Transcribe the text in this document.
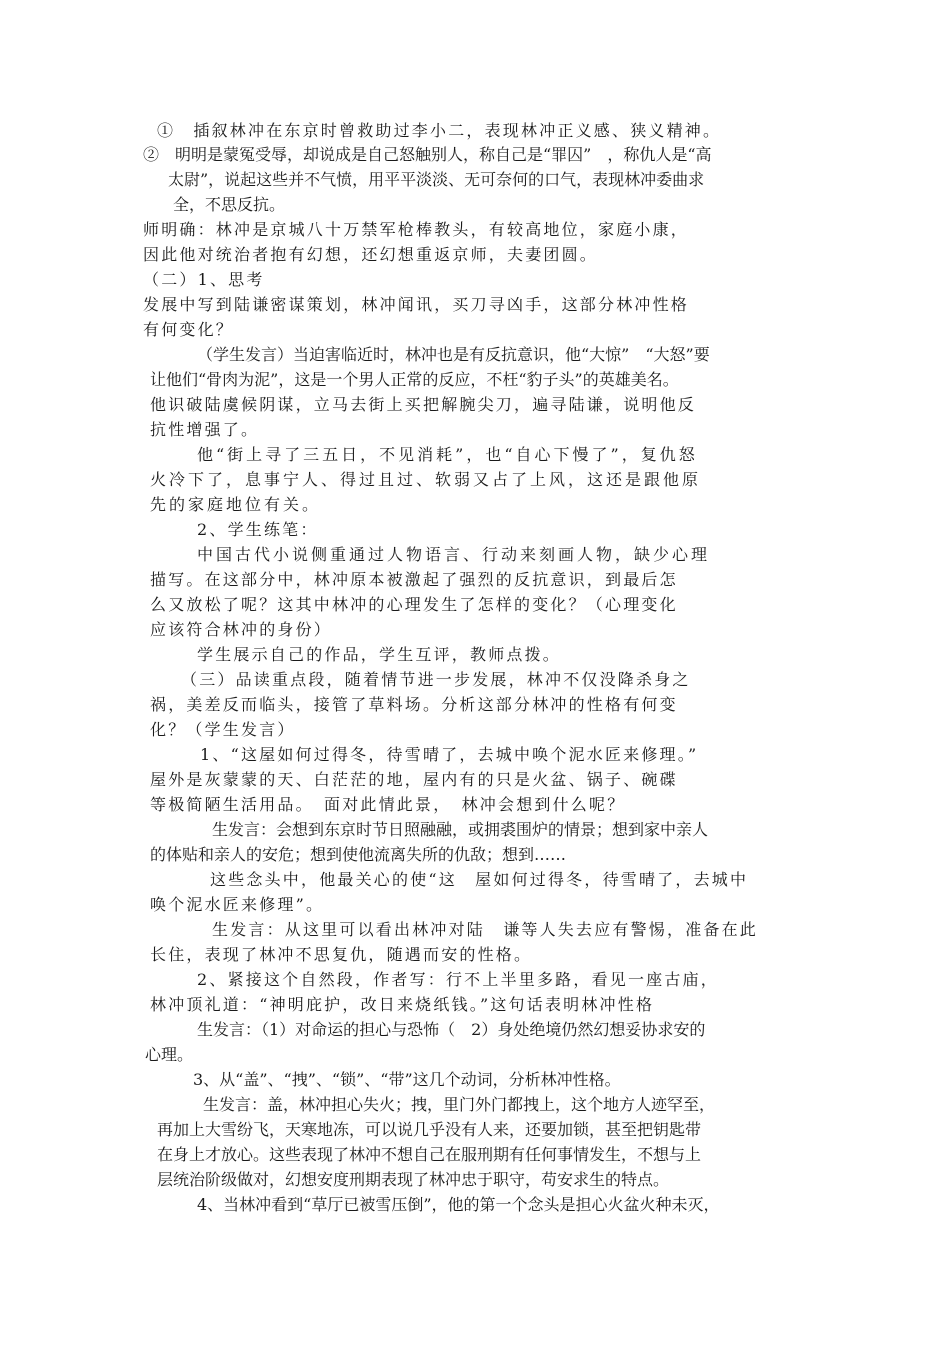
①　插叙林冲在东京时曾救助过李小二，表现林冲正义感、狭义精神。
②　明明是蒙冤受辱，却说成是自己怒触别人，称自己是“罪囚”　，称仇人是“高
太尉”，说起这些并不气愤，用平平淡淡、无可奈何的口气，表现林冲委曲求
全，不思反抗。
师明确：林冲是京城八十万禁军枪棒教头，有较高地位，家庭小康，
因此他对统治者抱有幻想，还幻想重返京师，夫妻团圆。
（二）1、思考
发展中写到陆谦密谋策划，林冲闻讯，买刀寻凶手，这部分林冲性格
有何变化？
（学生发言）当迫害临近时，林冲也是有反抗意识，他“大惊”　“大怒”要
让他们“骨肉为泥”，这是一个男人正常的反应，不枉“豹子头”的英雄美名。
他识破陆虞候阴谋，立马去街上买把解腕尖刀，遍寻陆谦，说明他反
抗性增强了。
他“街上寻了三五日，不见消耗”，也“自心下慢了”，复仇怒
火冷下了，息事宁人、得过且过、软弱又占了上风，这还是跟他原
先的家庭地位有关。
2、学生练笔：
中国古代小说侧重通过人物语言、行动来刻画人物，缺少心理
描写。在这部分中，林冲原本被激起了强烈的反抗意识，到最后怎
么又放松了呢？这其中林冲的心理发生了怎样的变化？（心理变化
应该符合林冲的身份）
学生展示自己的作品，学生互评，教师点拨。
（三）品读重点段，随着情节进一步发展，林冲不仅没降杀身之
祸，美差反而临头，接管了草料场。分析这部分林冲的性格有何变
化？（学生发言）
1、“这屋如何过得冬，待雪晴了，去城中唤个泥水匠来修理。”
屋外是灰蒙蒙的天、白茫茫的地，屋内有的只是火盆、锅子、碗碟
等极简陋生活用品。　面对此情此景，　林冲会想到什么呢？
生发言：会想到东京时节日照融融，或拥裘围炉的情景；想到家中亲人
的体贴和亲人的安危；想到使他流离失所的仇敌；想到……
这些念头中，他最关心的使“这　屋如何过得冬，待雪晴了，去城中
唤个泥水匠来修理”。
生发言：从这里可以看出林冲对陆　谦等人失去应有警惕，准备在此
长住，表现了林冲不思复仇，随遇而安的性格。
2、紧接这个自然段，作者写：行不上半里多路，看见一座古庙，
林冲顶礼道：“神明庇护，改日来烧纸钱。”这句话表明林冲性格
生发言：（1）对命运的担心与恐怖（　2）身处绝境仍然幻想妥协求安的
心理。
3、从“盖”、“拽”、“锁”、“带”这几个动词，分析林冲性格。
生发言：盖，林冲担心失火；拽，里门外门都拽上，这个地方人迹罕至，
再加上大雪纷飞，天寒地冻，可以说几乎没有人来，还要加锁，甚至把钥匙带
在身上才放心。这些表现了林冲不想自己在服刑期有任何事情发生，不想与上
层统治阶级做对，幻想安度刑期表现了林冲忠于职守，苟安求生的特点。
4、当林冲看到“草厅已被雪压倒”，他的第一个念头是担心火盆火种未灭，
